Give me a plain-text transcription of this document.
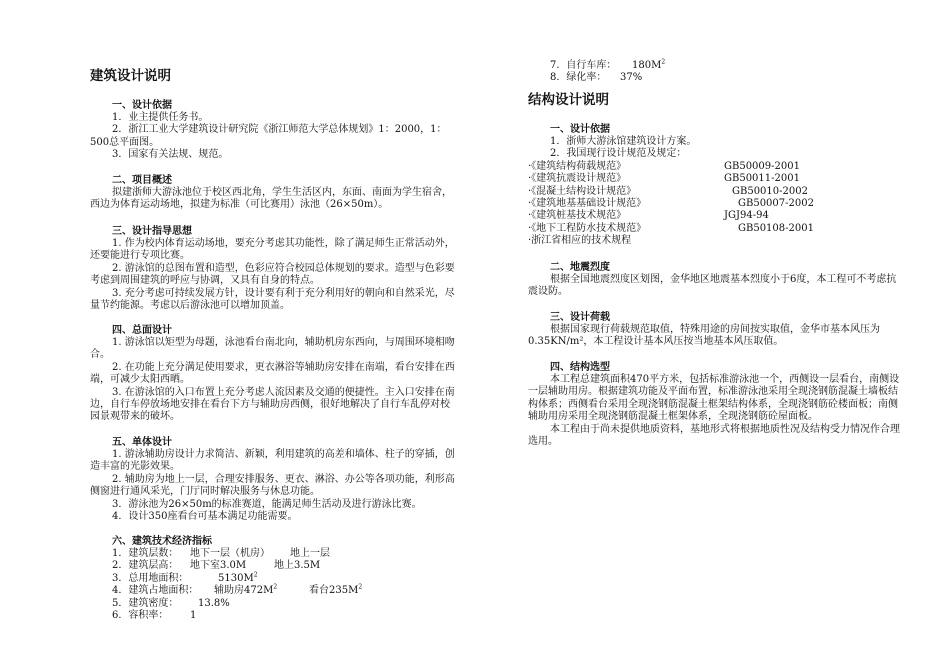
建筑设计说明
一、设计依据

1．业主提供任务书。

2．浙江工业大学建筑设计研究院《浙江师范大学总体规划》1：2000，1：500总平面图。

3．国家有关法规、规范。

二、项目概述

拟建浙师大游泳池位于校区西北角，学生生活区内，东面、南面为学生宿舍，西边为体育运动场地，拟建为标准（可比赛用）泳池（26×50m）。

三、设计指导思想

1. 作为校内体育运动场地，要充分考虑其功能性，除了满足师生正常活动外，还要能进行专项比赛。

2. 游泳馆的总图布置和造型，色彩应符合校园总体规划的要求。造型与色彩要考虑到周围建筑的呼应与协调，又具有自身的特点。

3. 充分考虑可持续发展方针，设计要有利于充分利用好的朝向和自然采光，尽量节约能源。考虑以后游泳池可以增加顶盖。

四、总面设计

1. 游泳馆以矩型为母题，泳池看台南北向，辅助机房东西向，与周围环境相吻合。

2. 在功能上充分满足使用要求，更衣淋浴等辅助房安排在南端，看台安排在西端，可减少太阳西晒。

3. 在游泳馆的入口布置上充分考虑人流因素及交通的便捷性。主入口安排在南边，自行车停放场地安排在看台下方与辅助房西侧，很好地解决了自行车乱停对校园景观带来的破坏。

五、单体设计

1. 游泳辅助房设计力求简洁、新颖，利用建筑的高差和墙体、柱子的穿插，创造丰富的光影效果。

2. 辅助房为地上一层，合理安排服务、更衣、淋浴、办公等各项功能，利形高侧窗进行通风采光，门厅同时解决服务与休息功能。

3．游泳池为26×50m的标准赛道，能满足师生活动及进行游泳比赛。

4．设计350座看台可基本满足功能需要。

六、建筑技术经济指标

1．建筑层数： 地下一层（机房） 地上一层

2．建筑层高： 地下室3.0M	地上3.5M

3．总用地面积：	$5130M^2$

4．建筑占地面积： 辅助房$472M^2$	看台$235M^2$

5．建筑密度： 13.8%

6．容积率： 1

7．自行车库： $180M^2$

8．绿化率： 37%

结构设计说明
一、设计依据

1．浙师大游泳馆建筑设计方案。

2．我国现行设计规范及规定：

·《建筑结构荷载规范》	GB50009-2001

·《建筑抗震设计规范》	GB50011-2001

·《混凝土结构设计规范》	GB50010-2002

·《建筑地基基础设计规范》	GB50007-2002

·《建筑桩基技术规范》	JGJ94-94

·《地下工程防水技术规范》	GB50108-2001

·浙江省相应的技术规程

二、地震烈度

根据全国地震烈度区划图，金华地区地震基本烈度小于6度，本工程可不考虑抗震设防。

三、设计荷载

根据国家现行荷载规范取值，特殊用途的房间按实取值，金华市基本风压为0.35KN/m²，本工程设计基本风压按当地基本风压取值。

四、结构选型

本工程总建筑面积470平方米，包括标准游泳池一个，西侧设一层看台，南侧设一层辅助用房。根据建筑功能及平面布置，标准游泳池采用全现浇钢筋混凝土墙板结构体系；西侧看台采用全现浇钢筋混凝土框架结构体系，全现浇钢筋砼楼面板；南侧辅助用房采用全现浇钢筋混凝土框架体系，全现浇钢筋砼屋面板。

本工程由于尚未提供地质资料，基地形式将根据地质性况及结构受力情况作合理选用。
